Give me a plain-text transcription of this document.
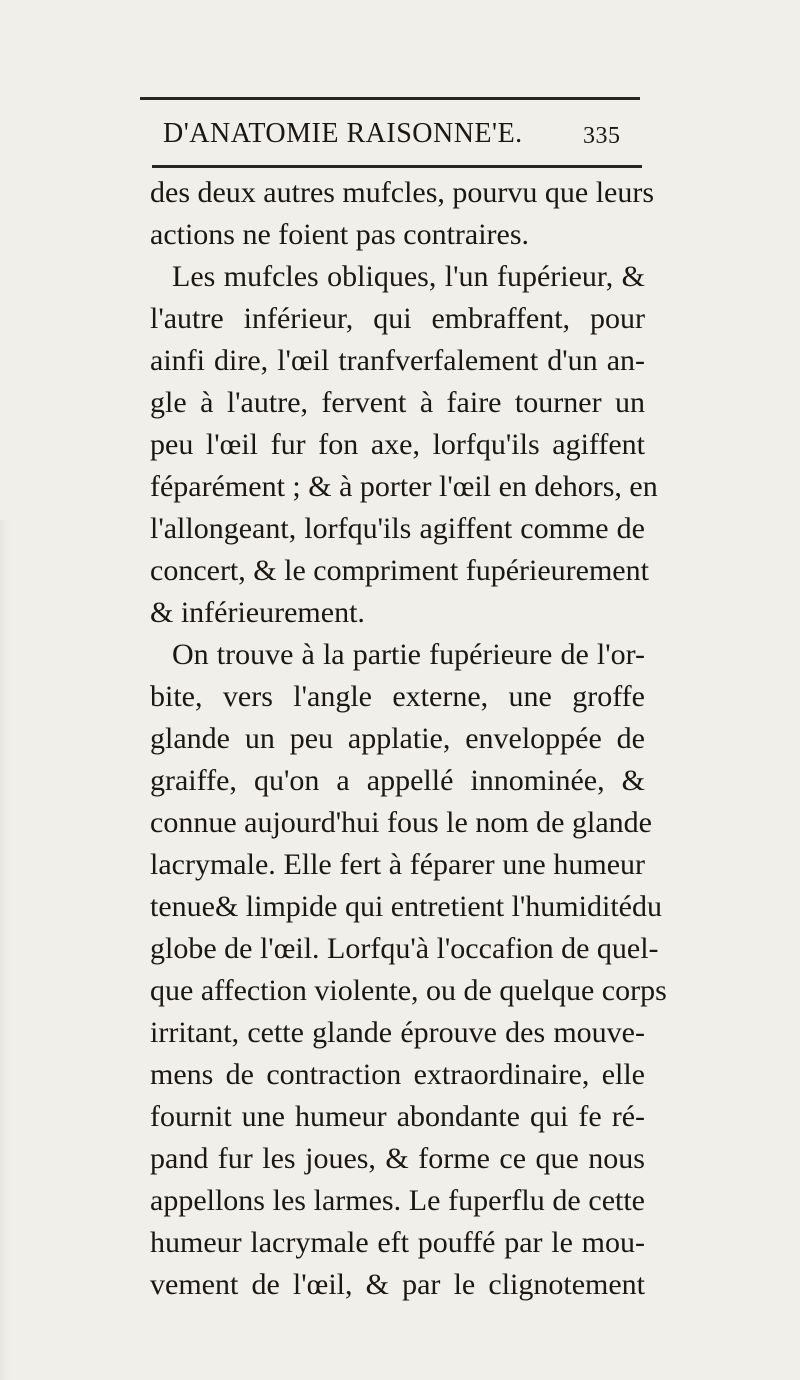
D'ANATOMIE RAISONNE'E.	335
des deux autres mufcles, pourvu que leurs
actions ne foient pas contraires.
Les mufcles obliques, l'un fupérieur, &
l'autre inférieur, qui embraffent, pour
ainfi dire, l'œil tranfverfalement d'un an-
gle à l'autre, fervent à faire tourner un
peu l'œil fur fon axe, lorfqu'ils agiffent
féparément ; & à porter l'œil en dehors, en
l'allongeant, lorfqu'ils agiffent comme de
concert, & le compriment fupérieurement
& inférieurement.
On trouve à la partie fupérieure de l'or-
bite, vers l'angle externe, une groffe
glande un peu applatie, enveloppée de
graiffe, qu'on a appellé innominée, &
connue aujourd'hui fous le nom de glande
lacrymale. Elle fert à féparer une humeur
tenue& limpide qui entretient l'humiditédu
globe de l'œil. Lorfqu'à l'occafion de quel-
que affection violente, ou de quelque corps
irritant, cette glande éprouve des mouve-
mens de contraction extraordinaire, elle
fournit une humeur abondante qui fe ré-
pand fur les joues, & forme ce que nous
appellons les larmes. Le fuperflu de cette
humeur lacrymale eft pouffé par le mou-
vement de l'œil, & par le clignotement
